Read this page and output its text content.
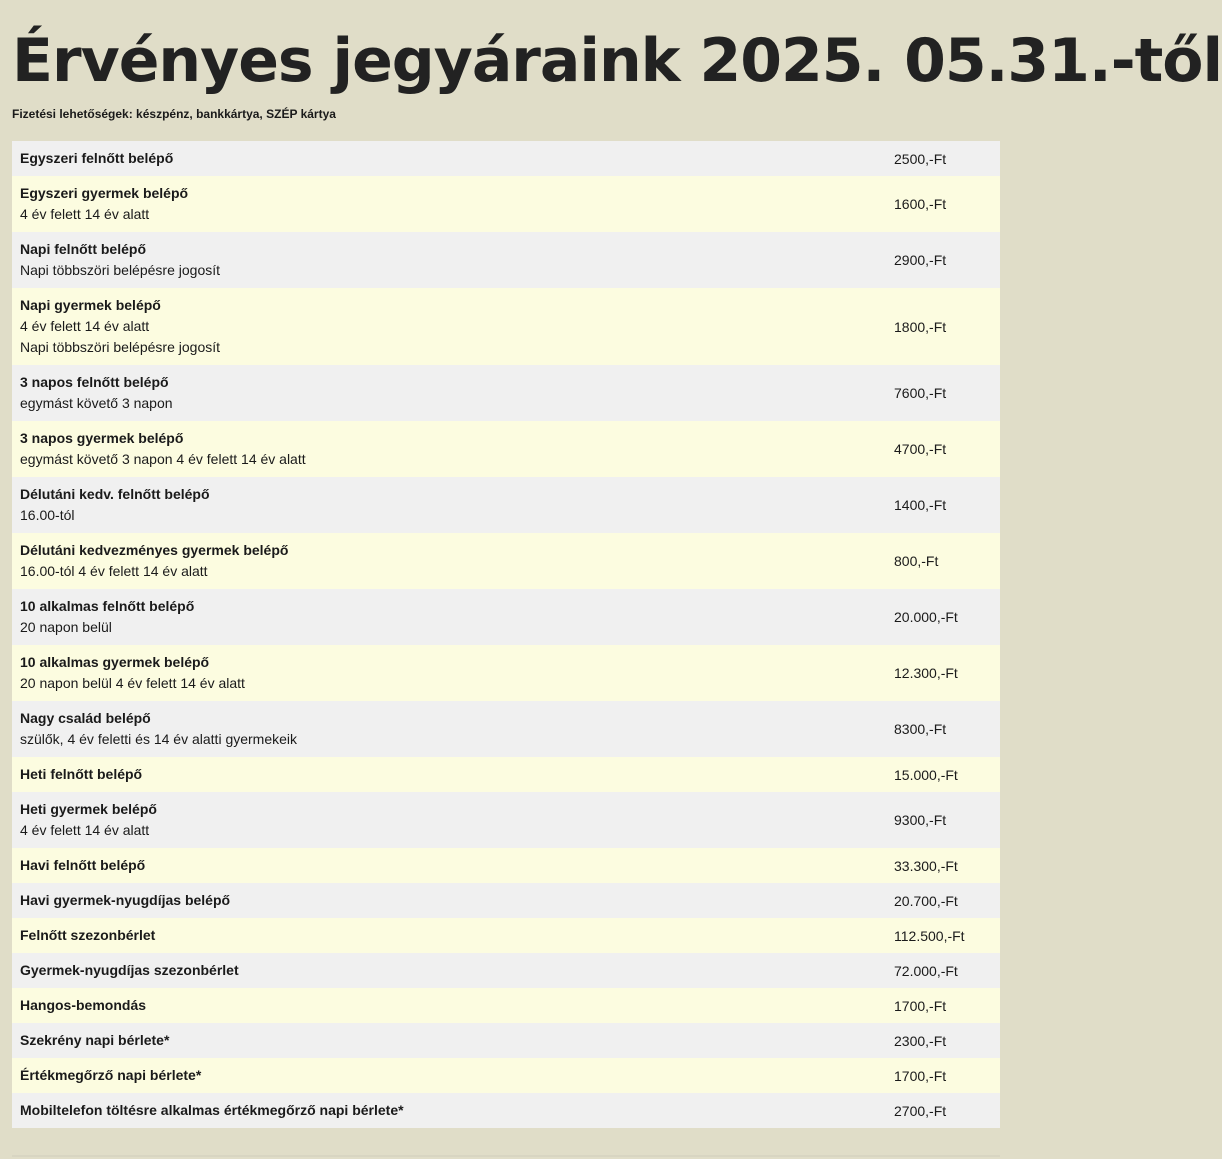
Érvényes jegyáraink 2025. 05.31.-től
Fizetési lehetőségek: készpénz, bankkártya, SZÉP kártya
Egyszeri felnőtt belépő	2500,-Ft
Egyszeri gyermek belépő
4 év felett 14 év alatt
1600,-Ft
Napi felnőtt belépő
Napi többszöri belépésre jogosít
2900,-Ft
Napi gyermek belépő
4 év felett 14 év alatt
Napi többszöri belépésre jogosít
1800,-Ft
3 napos felnőtt belépő
egymást követő 3 napon
7600,-Ft
3 napos gyermek belépő
egymást követő 3 napon 4 év felett 14 év alatt
4700,-Ft
Délutáni kedv. felnőtt belépő
16.00-tól
1400,-Ft
Délutáni kedvezményes gyermek belépő
16.00-tól 4 év felett 14 év alatt
800,-Ft
10 alkalmas felnőtt belépő
20 napon belül
20.000,-Ft
10 alkalmas gyermek belépő
20 napon belül 4 év felett 14 év alatt
12.300,-Ft
Nagy család belépő
szülők, 4 év feletti és 14 év alatti gyermekeik
8300,-Ft
Heti felnőtt belépő	15.000,-Ft
Heti gyermek belépő
4 év felett 14 év alatt
9300,-Ft
Havi felnőtt belépő	33.300,-Ft
Havi gyermek-nyugdíjas belépő	20.700,-Ft
Felnőtt szezonbérlet	112.500,-Ft
Gyermek-nyugdíjas szezonbérlet	72.000,-Ft
Hangos-bemondás	1700,-Ft
Szekrény napi bérlete*	2300,-Ft
Értékmegőrző napi bérlete*	1700,-Ft
Mobiltelefon töltésre alkalmas értékmegőrző napi bérlete*	2700,-Ft
